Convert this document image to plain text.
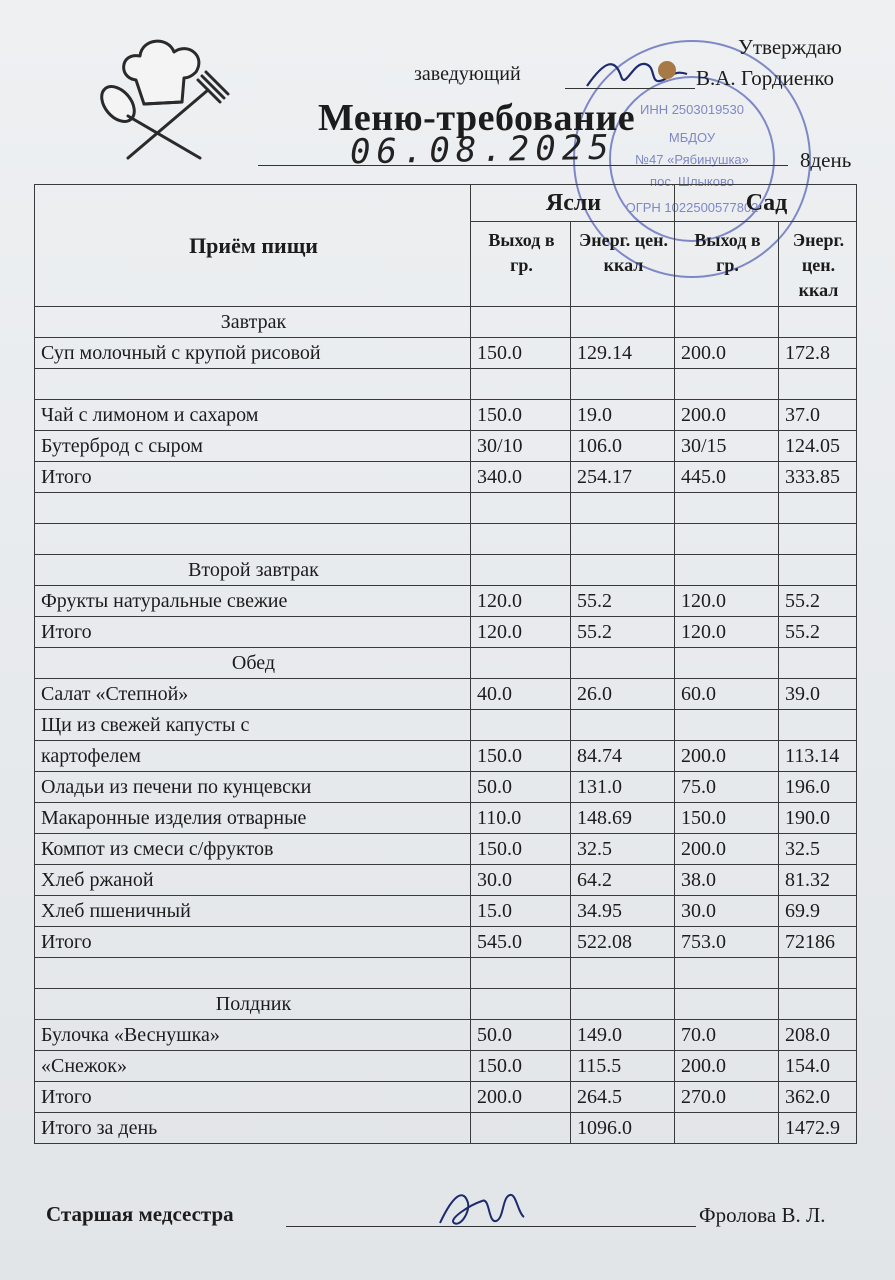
ИНН 2503019530
МБДОУ
№47 «Рябинушка»
пос. Шлыково
ОГРН 1022500577802
Утверждаю
заведующий	В.А. Гордиенко
Меню-требование
06.08.2025	8день
Приём пищи	Ясли		Сад	
	Выход в гр.	Энерг. цен. ккал	Выход в гр.	Энерг. цен. ккал
Завтрак				
Суп молочный с крупой рисовой	150.0	129.14	200.0	172.8

Чай с лимоном и сахаром	150.0	19.0	200.0	37.0
Бутерброд с сыром	30/10	106.0	30/15	124.05
Итого	340.0	254.17	445.0	333.85

Второй завтрак				
Фрукты натуральные свежие	120.0	55.2	120.0	55.2
Итого	120.0	55.2	120.0	55.2
Обед				
Салат «Степной»	40.0	26.0	60.0	39.0
Щи из свежей капусты с				
картофелем	150.0	84.74	200.0	113.14
Оладьи из печени по кунцевски	50.0	131.0	75.0	196.0
Макаронные изделия отварные	110.0	148.69	150.0	190.0
Компот из смеси с/фруктов	150.0	32.5	200.0	32.5
Хлеб ржаной	30.0	64.2	38.0	81.32
Хлеб пшеничный	15.0	34.95	30.0	69.9
Итого	545.0	522.08	753.0	72186

Полдник				
Булочка «Веснушка»	50.0	149.0	70.0	208.0
«Снежок»	150.0	115.5	200.0	154.0
Итого	200.0	264.5	270.0	362.0
Итого за день		1096.0		1472.9
Старшая медсестра	Фролова В. Л.
